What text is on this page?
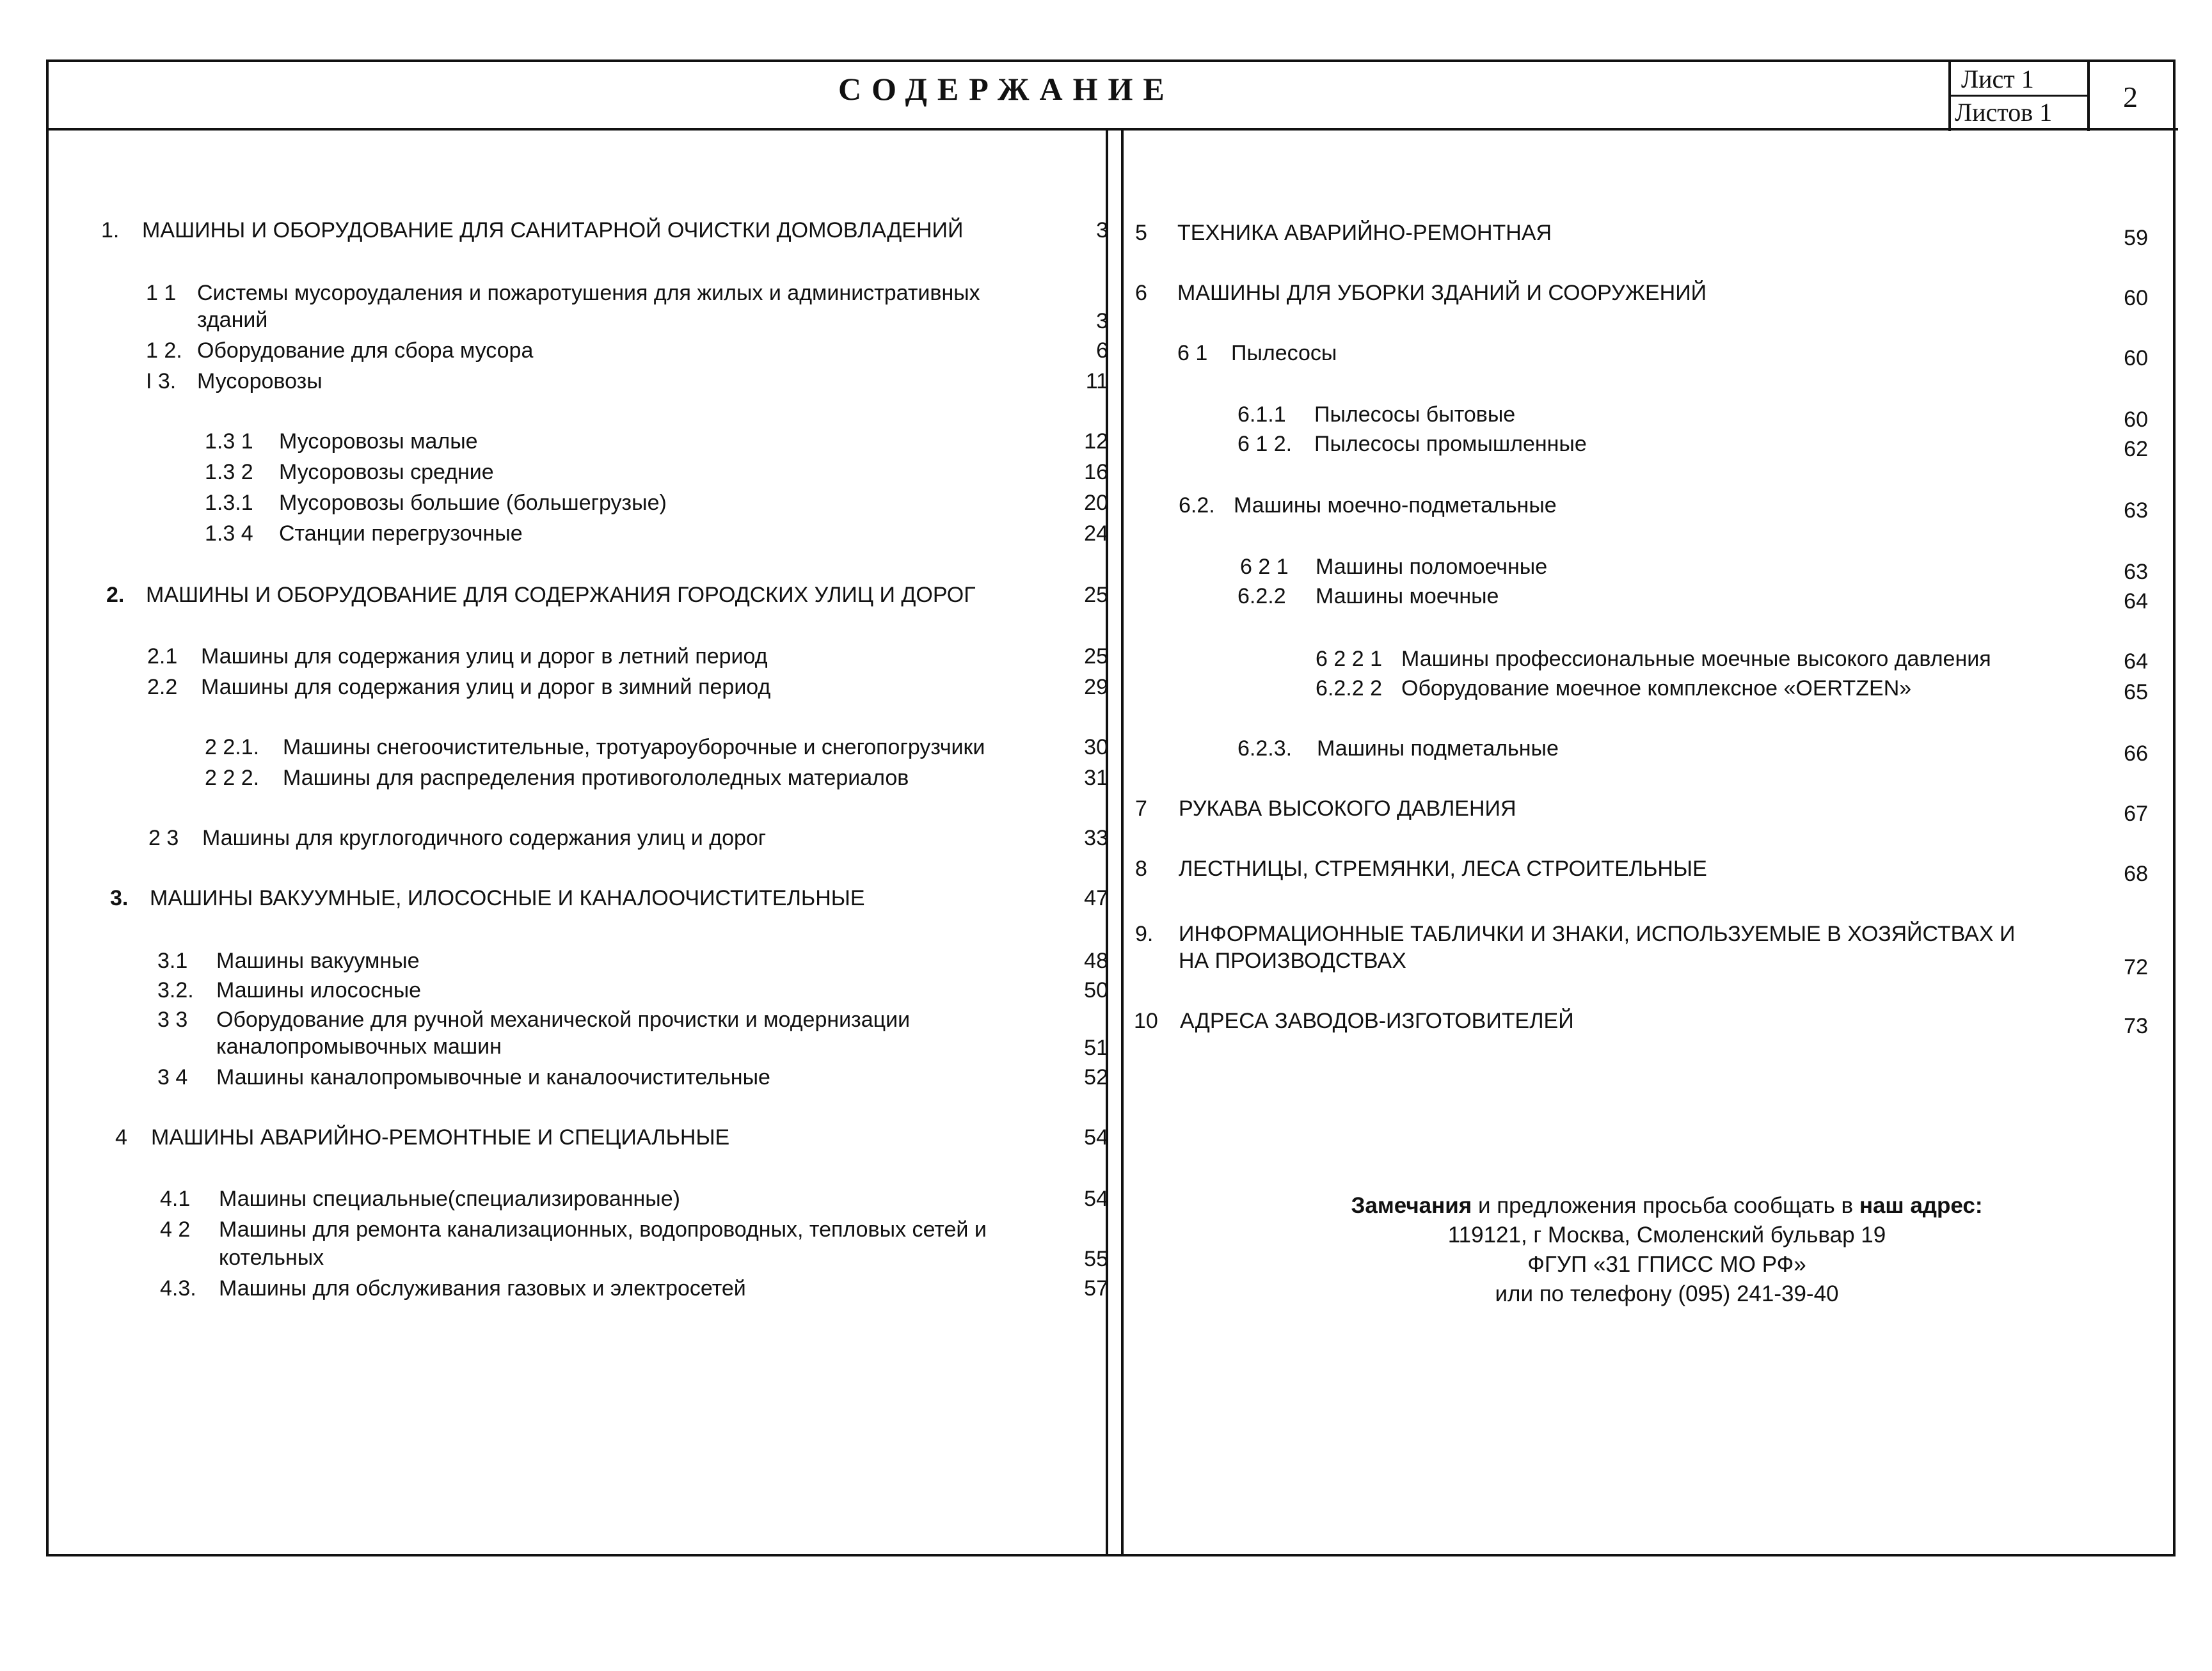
СОДЕРЖАНИЕ	Лист 1
Листов 1 2
1. МАШИНЫ И ОБОРУДОВАНИЕ ДЛЯ САНИТАРНОЙ ОЧИСТКИ ДОМОВЛАДЕНИЙ	3
1 1 Системы мусороудаления и пожаротушения для жилых и административных
зданий	3
1 2. Оборудование для сбора мусора	6
I 3. Мусоровозы	11
1.3 1 Мусоровозы малые	12
1.3 2 Мусоровозы средние	16
1.3.1 Мусоровозы большие (большегрузые)	20
1.3 4 Станции перегрузочные	24
2. МАШИНЫ И ОБОРУДОВАНИЕ ДЛЯ СОДЕРЖАНИЯ ГОРОДСКИХ УЛИЦ И ДОРОГ	25
2.1 Машины для содержания улиц и дорог в летний период	25
2.2 Машины для содержания улиц и дорог в зимний период	29
2 2.1. Машины снегоочистительные, тротуароуборочные и снегопогрузчики	30
2 2 2. Машины для распределения противогололедных материалов	31
2 3 Машины для круглогодичного содержания улиц и дорог	33
3. МАШИНЫ ВАКУУМНЫЕ, ИЛОСОСНЫЕ И КАНАЛООЧИСТИТЕЛЬНЫЕ	47
3.1 Машины вакуумные	48
3.2. Машины илососные	50
3 3 Оборудование для ручной механической прочистки и модернизации
каналопромывочных машин	51
3 4 Машины каналопромывочные и каналоочистительные	52
4 МАШИНЫ АВАРИЙНО-РЕМОНТНЫЕ И СПЕЦИАЛЬНЫЕ	54
4.1 Машины специальные(специализированные)	54
4 2 Машины для ремонта канализационных, водопроводных, тепловых сетей и
котельных	55
4.3. Машины для обслуживания газовых и электросетей	57
5 ТЕХНИКА АВАРИЙНО-РЕМОНТНАЯ	59
6 МАШИНЫ ДЛЯ УБОРКИ ЗДАНИЙ И СООРУЖЕНИЙ	60
6 1 Пылесосы	60
6.1.1 Пылесосы бытовые	60
6 1 2. Пылесосы промышленные	62
6.2. Машины моечно-подметальные	63
6 2 1 Машины поломоечные	63
6.2.2 Машины моечные	64
6 2 2 1 Машины профессиональные моечные высокого давления	64
6.2.2 2 Оборудование моечное комплексное «OERTZEN»	65
6.2.3. Машины подметальные	66
7 РУКАВА ВЫСОКОГО ДАВЛЕНИЯ	67
8 ЛЕСТНИЦЫ, СТРЕМЯНКИ, ЛЕСА СТРОИТЕЛЬНЫЕ	68
9. ИНФОРМАЦИОННЫЕ ТАБЛИЧКИ И ЗНАКИ, ИСПОЛЬЗУЕМЫЕ В ХОЗЯЙСТВАХ И
НА ПРОИЗВОДСТВАХ	72
10 АДРЕСА ЗАВОДОВ-ИЗГОТОВИТЕЛЕЙ	73
Замечания и предложения просьба сообщать в наш адрес:
119121, г Москва, Смоленский бульвар 19
ФГУП «31 ГПИСС МО РФ»
или по телефону (095) 241-39-40
